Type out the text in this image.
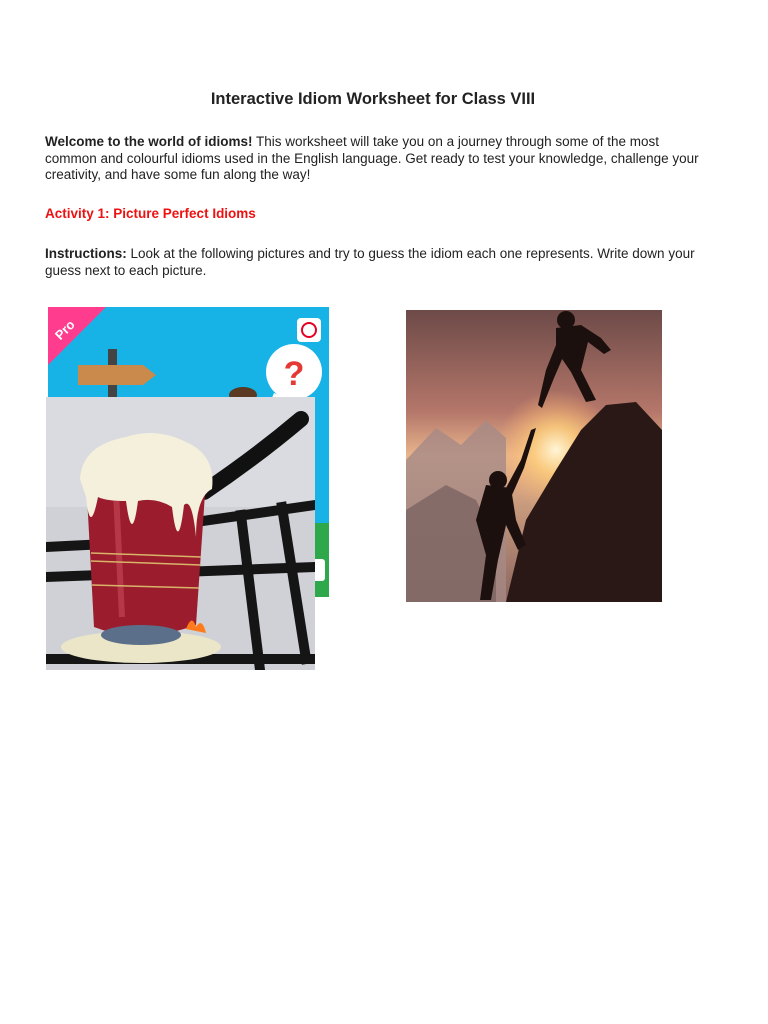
Interactive Idiom Worksheet for Class VIII
Welcome to the world of idioms! This worksheet will take you on a journey through some of the most common and colourful idioms used in the English language. Get ready to test your knowledge, challenge your creativity, and have some fun along the way!
Activity 1: Picture Perfect Idioms
Instructions: Look at the following pictures and try to guess the idiom each one represents. Write down your guess next to each picture.
Pro
?
